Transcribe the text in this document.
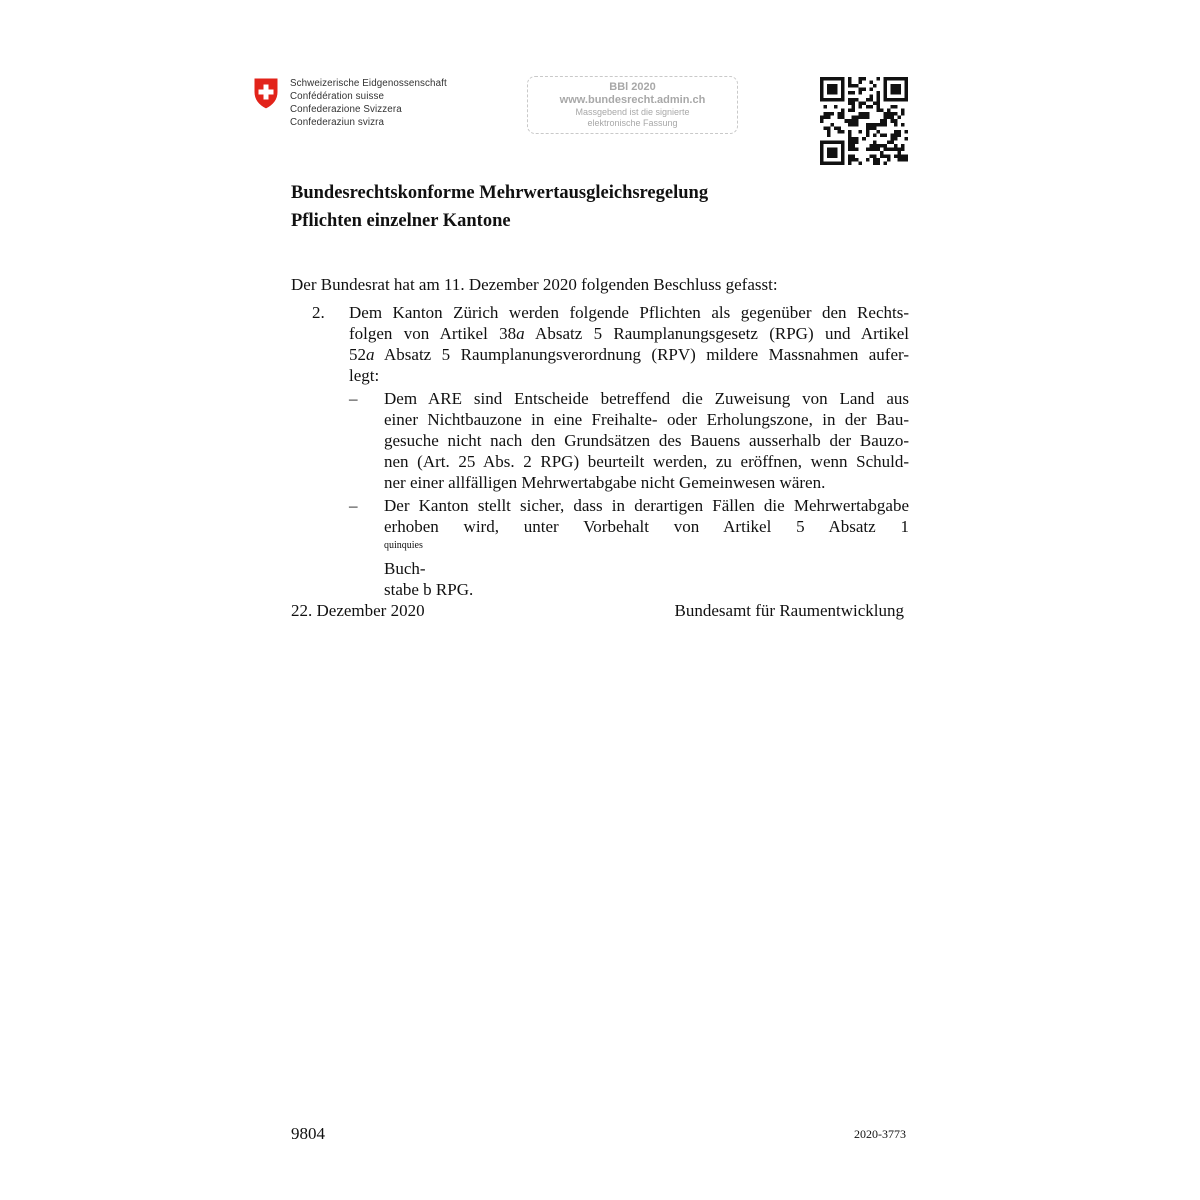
Schweizerische Eidgenossenschaft
Confédération suisse
Confederazione Svizzera
Confederaziun svizra
BBl 2020
www.bundesrecht.admin.ch
Massgebend ist die signierte
elektronische Fassung
Bundesrechtskonforme Mehrwertausgleichsregelung
Pflichten einzelner Kantone
Der Bundesrat hat am 11. Dezember 2020 folgenden Beschluss gefasst:
2. Dem Kanton Zürich werden folgende Pflichten als gegenüber den Rechts-
folgen von Artikel 38a Absatz 5 Raumplanungsgesetz (RPG) und Artikel
52a Absatz 5 Raumplanungsverordnung (RPV) mildere Massnahmen aufer-
legt:

– Dem ARE sind Entscheide betreffend die Zuweisung von Land aus
einer Nichtbauzone in eine Freihalte- oder Erholungszone, in der Bau-
gesuche nicht nach den Grundsätzen des Bauens ausserhalb der Bauzo-
nen (Art. 25 Abs. 2 RPG) beurteilt werden, zu eröffnen, wenn Schuld-
ner einer allfälligen Mehrwertabgabe nicht Gemeinwesen wären.
– Der Kanton stellt sicher, dass in derartigen Fällen die Mehrwertabgabe
erhoben wird, unter Vorbehalt von Artikel 5 Absatz 1
$^{quinquies}$
Buch-
stabe b RPG.
22. Dezember 2020	Bundesamt für Raumentwicklung
9804	2020-3773
